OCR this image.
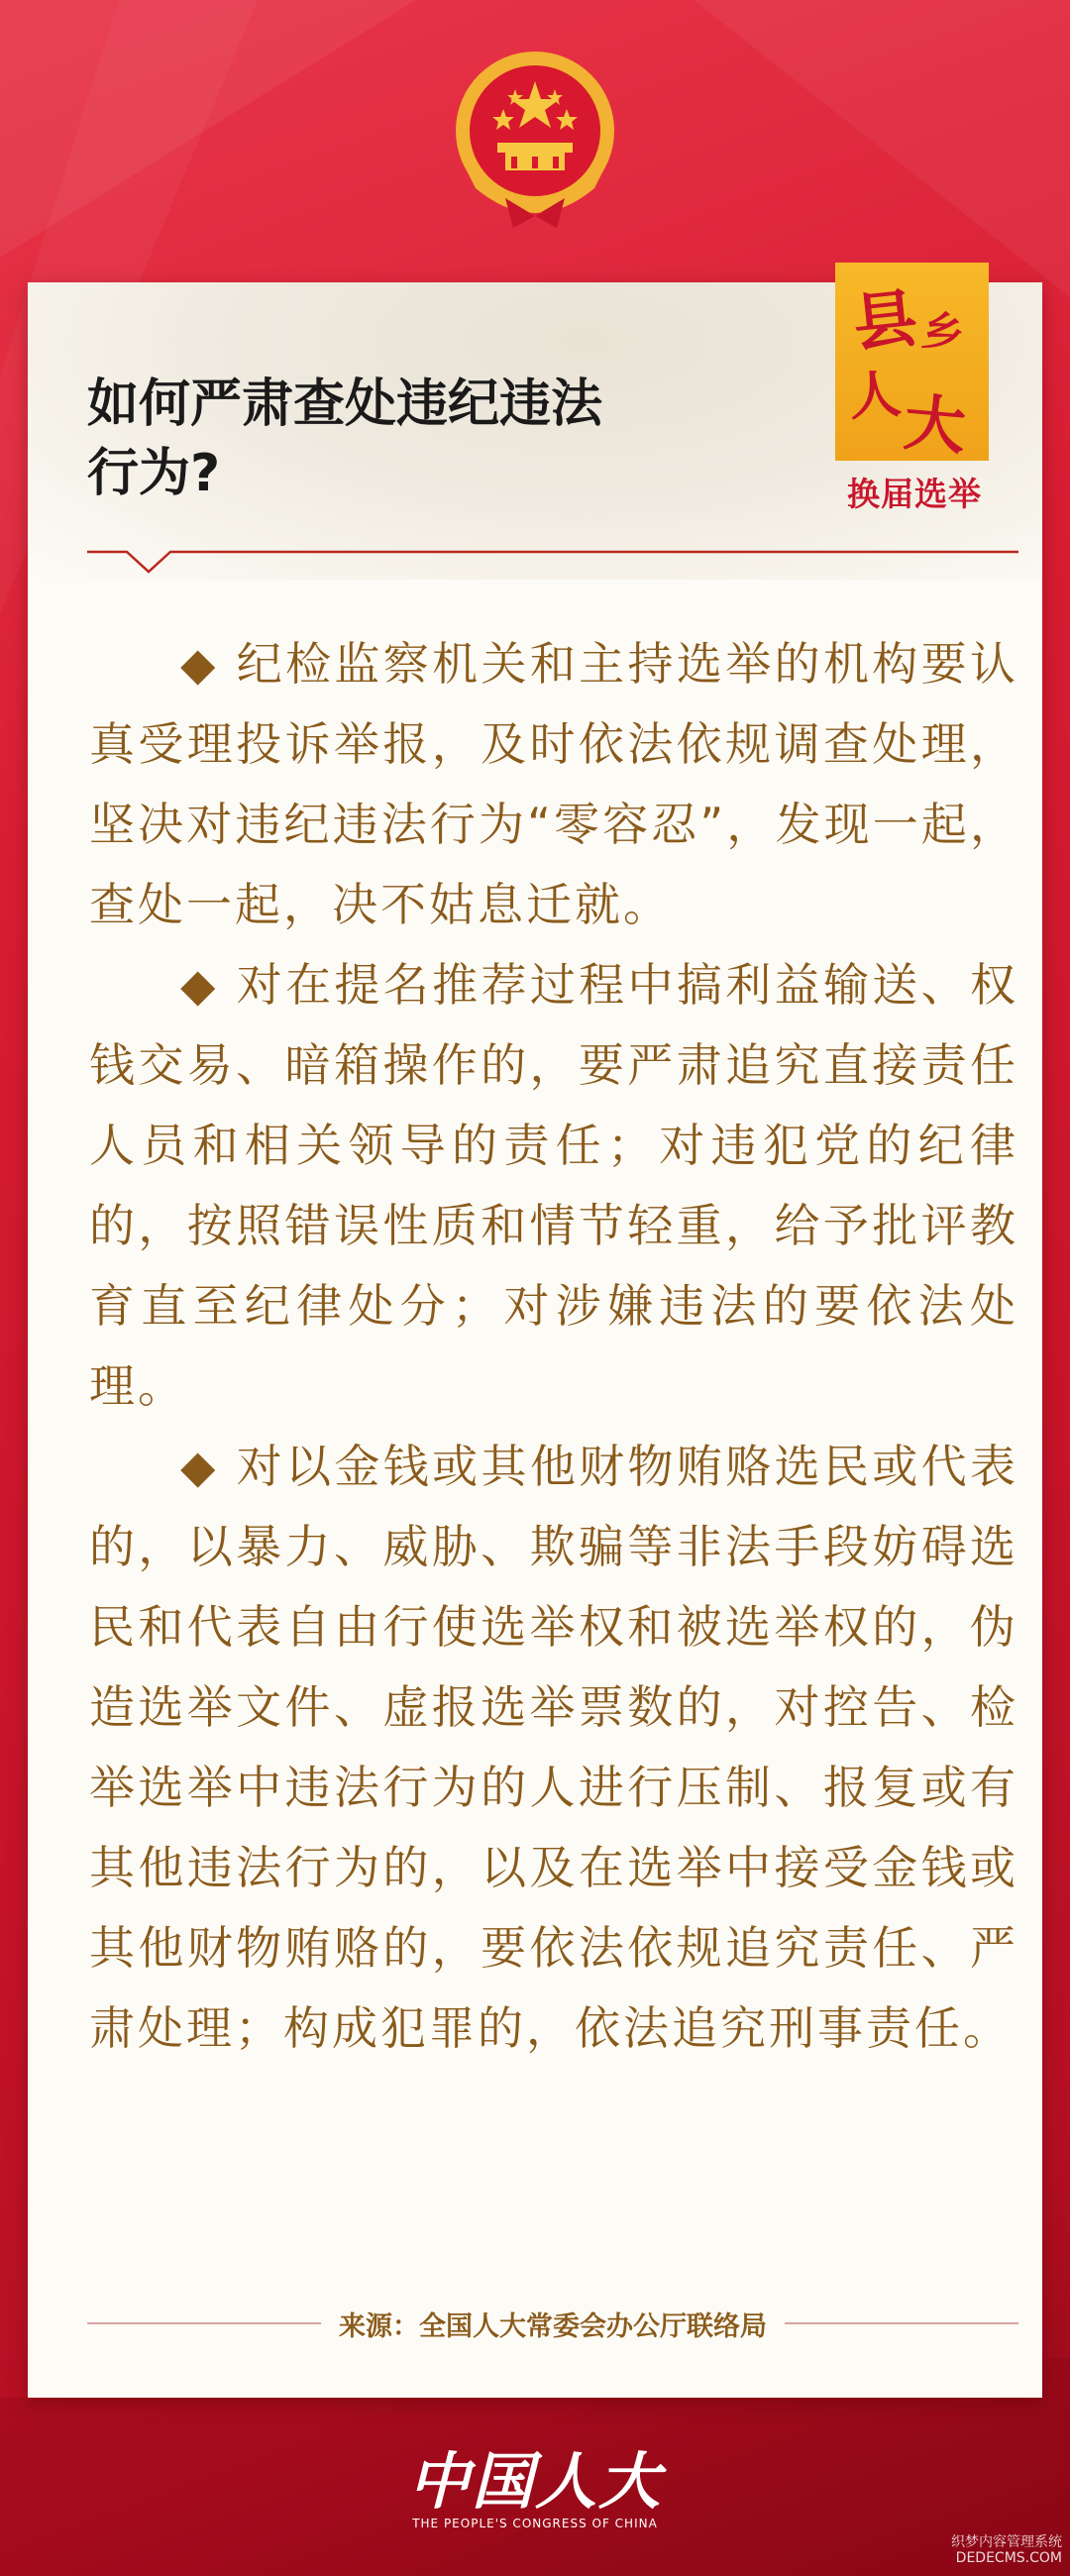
如何严肃查处违纪违法
行为?
县
乡
人
大
换届选举

◆ 纪检监察机关和主持选举的机构要认真受理投诉举报，及时依法依规调查处理，坚决对违纪违法行为“零容忍”，发现一起，查处一起，决不姑息迁就。

◆ 对在提名推荐过程中搞利益输送、权钱交易、暗箱操作的，要严肃追究直接责任人员和相关领导的责任；对违犯党的纪律的，按照错误性质和情节轻重，给予批评教育直至纪律处分；对涉嫌违法的要依法处理。

◆ 对以金钱或其他财物贿赂选民或代表的，以暴力、威胁、欺骗等非法手段妨碍选民和代表自由行使选举权和被选举权的，伪造选举文件、虚报选举票数的，对控告、检举选举中违法行为的人进行压制、报复或有其他违法行为的，以及在选举中接受金钱或其他财物贿赂的，要依法依规追究责任、严肃处理；构成犯罪的，依法追究刑事责任。

来源：全国人大常委会办公厅联络局
中国人大
THE PEOPLE'S CONGRESS OF CHINA
织梦内容管理系统
DEDECMS.COM
